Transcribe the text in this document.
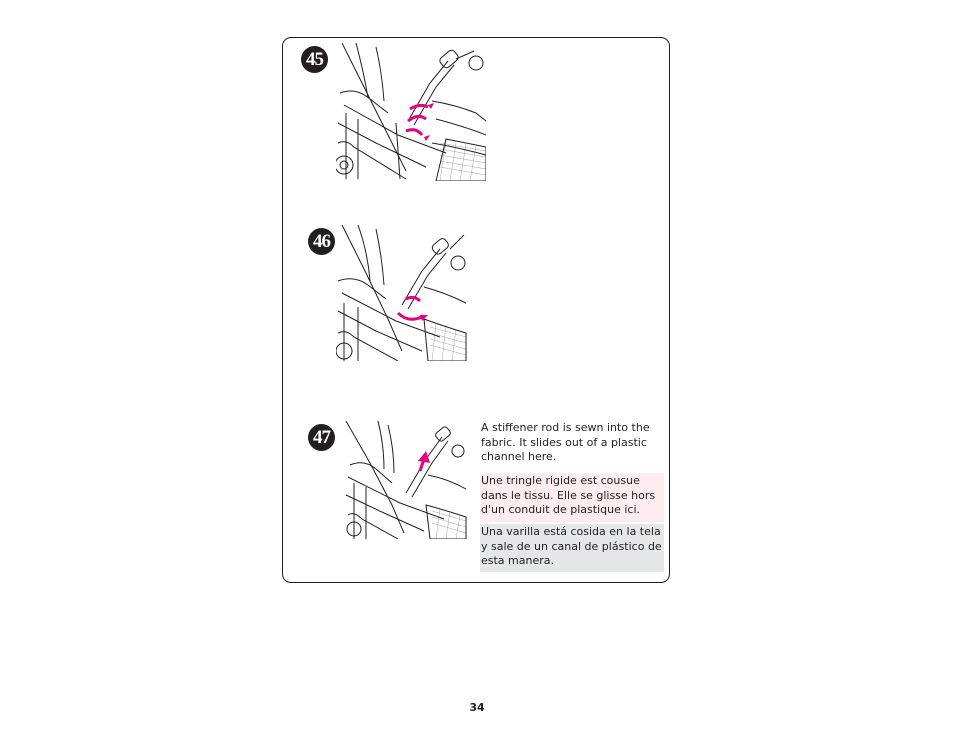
45
46
47	A stiffener rod is sewn into the fabric. It slides out of a plastic channel here.
Une tringle rigide est cousue dans le tissu. Elle se glisse hors d'un conduit de plastique ici.
Una varilla está cosida en la tela y sale de un canal de plástico de esta manera.
34
